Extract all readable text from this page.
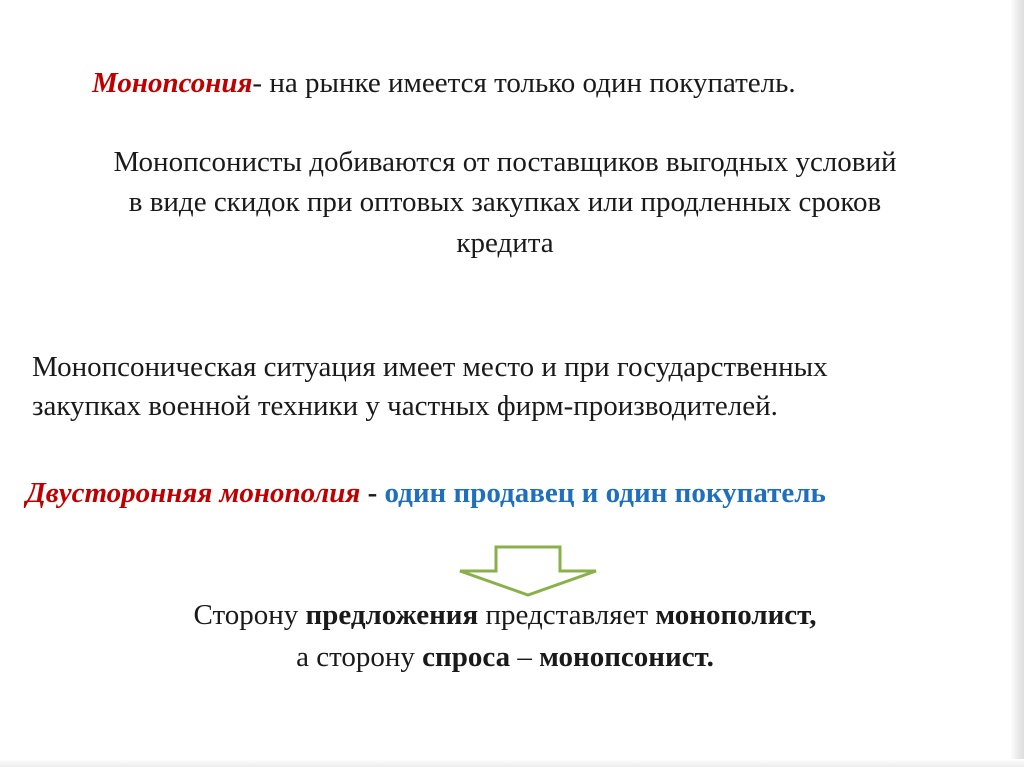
Монопсония- на рынке имеется только один покупатель.
Монопсонисты добиваются от поставщиков выгодных условий
в виде скидок при оптовых закупках или продленных сроков
кредита
Монопсоническая ситуация имеет место и при государственных
закупках военной техники у частных фирм-производителей.
Двусторонняя монополия - один продавец и один покупатель
Сторону предложения представляет монополист,
а сторону спроса – монопсонист.
